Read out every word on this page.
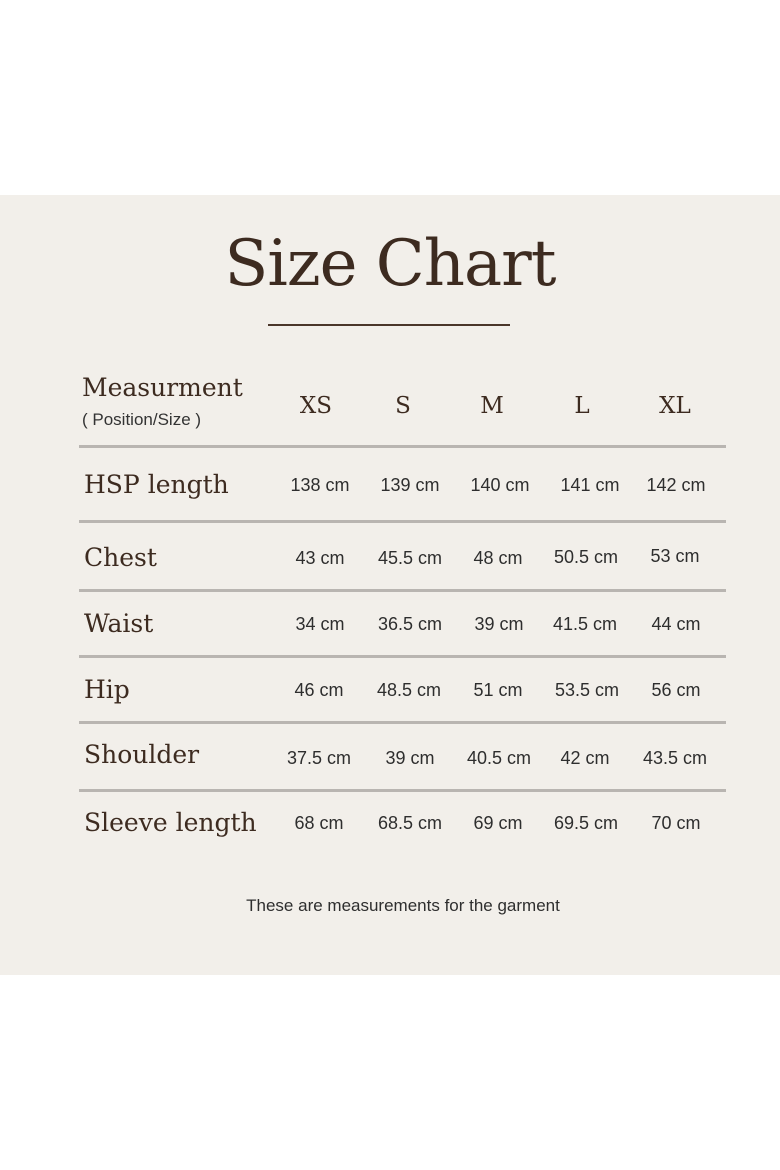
Size Chart
Measurment
( Position/Size )
XS	S	M	L	XL
HSP length	138 cm	139 cm	140 cm	141 cm	142 cm
Chest	43 cm	45.5 cm	48 cm	50.5 cm	53 cm
Waist	34 cm	36.5 cm	39 cm	41.5 cm	44 cm
Hip	46 cm	48.5 cm	51 cm	53.5 cm	56 cm
Shoulder	37.5 cm	39 cm	40.5 cm	42 cm	43.5 cm
Sleeve length	68 cm	68.5 cm	69 cm	69.5 cm	70 cm
These are measurements for the garment
